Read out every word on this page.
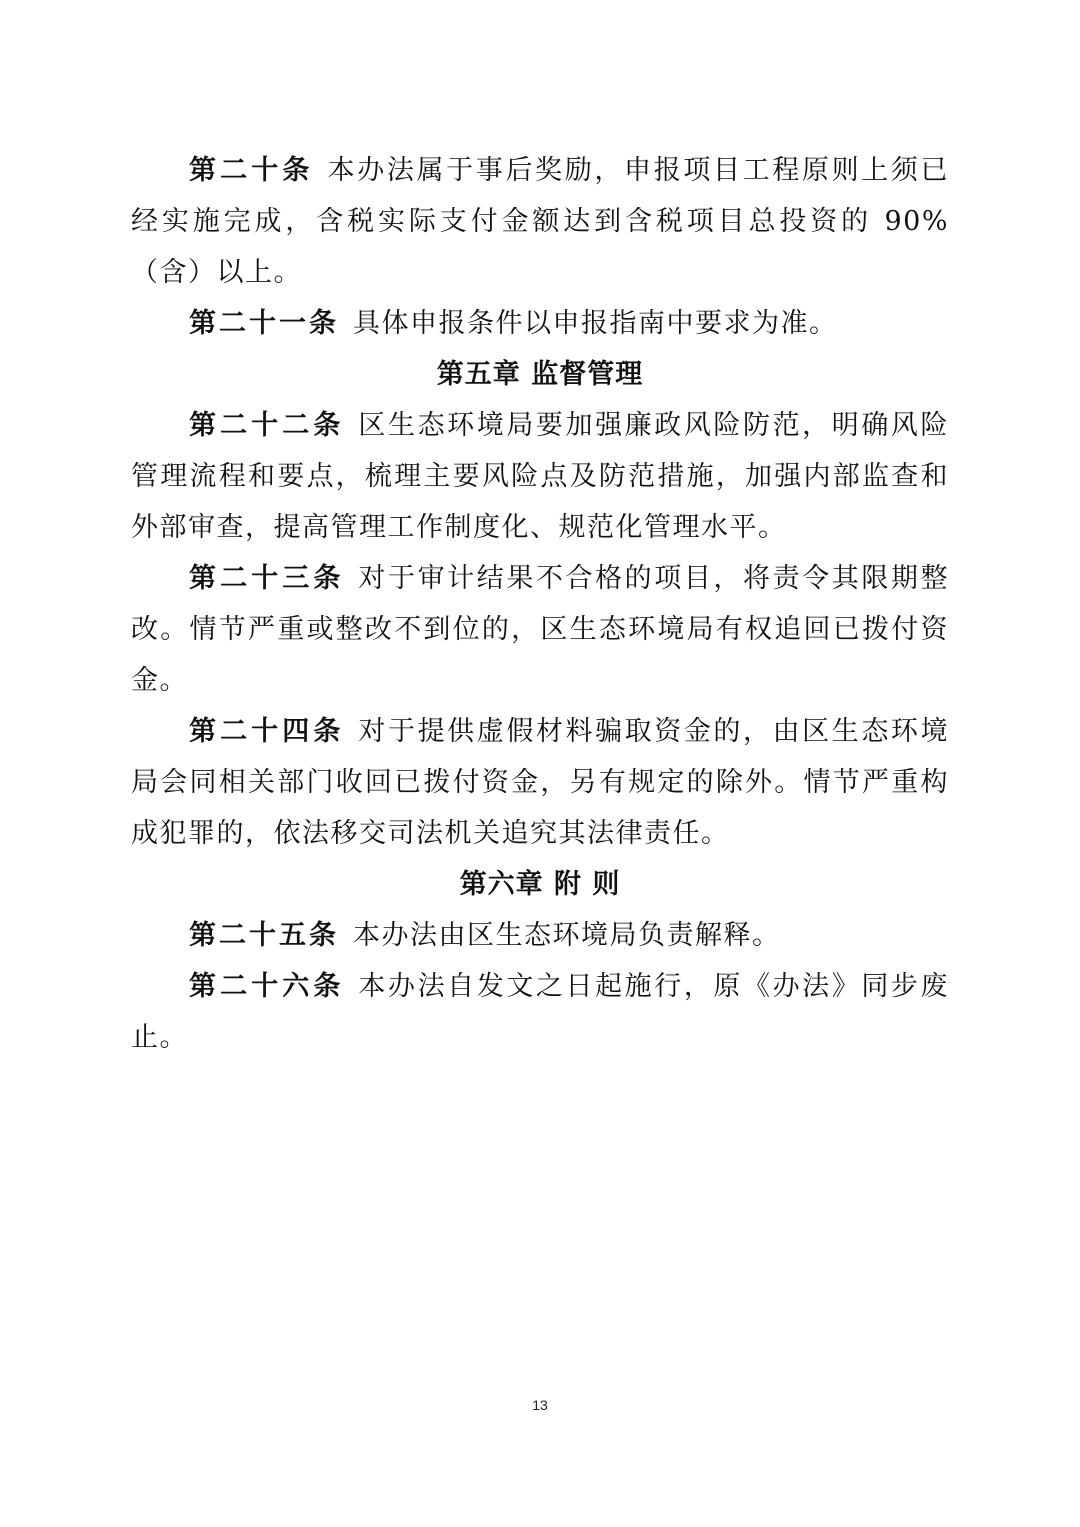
第二十条 本办法属于事后奖励，申报项目工程原则上须已经实施完成，含税实际支付金额达到含税项目总投资的 90%（含）以上。

第二十一条 具体申报条件以申报指南中要求为准。

第五章 监督管理

第二十二条 区生态环境局要加强廉政风险防范，明确风险管理流程和要点，梳理主要风险点及防范措施，加强内部监查和外部审查，提高管理工作制度化、规范化管理水平。

第二十三条 对于审计结果不合格的项目，将责令其限期整改。情节严重或整改不到位的，区生态环境局有权追回已拨付资金。

第二十四条 对于提供虚假材料骗取资金的，由区生态环境局会同相关部门收回已拨付资金，另有规定的除外。情节严重构成犯罪的，依法移交司法机关追究其法律责任。

第六章 附 则

第二十五条 本办法由区生态环境局负责解释。

第二十六条 本办法自发文之日起施行，原《办法》同步废止。

13
